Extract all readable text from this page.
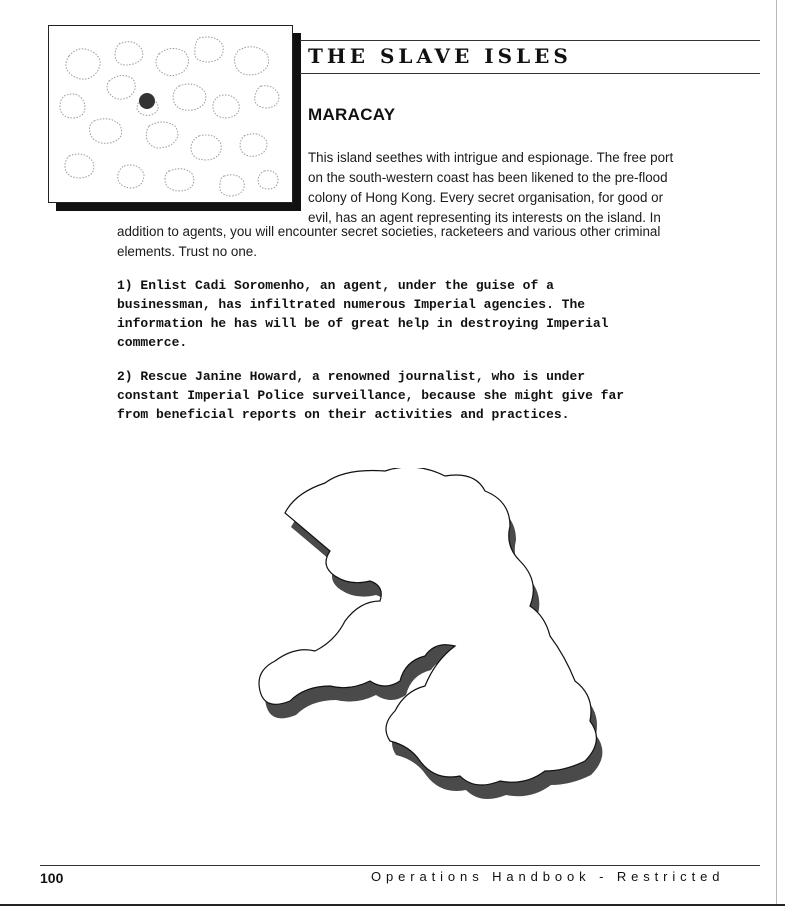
THE SLAVE ISLES
MARACAY
This island seethes with intrigue and espionage. The free port
on the south-western coast has been likened to the pre-flood
colony of Hong Kong. Every secret organisation, for good or
evil, has an agent representing its interests on the island. In
addition to agents, you will encounter secret societies, racketeers and various other criminal
elements. Trust no one.
1) Enlist Cadi Soromenho, an agent, under the guise of a
businessman, has infiltrated numerous Imperial agencies. The
information he has will be of great help in destroying Imperial
commerce.
2) Rescue Janine Howard, a renowned journalist, who is under
constant Imperial Police surveillance, because she might give far
from beneficial reports on their activities and practices.
100	Operations Handbook - Restricted
